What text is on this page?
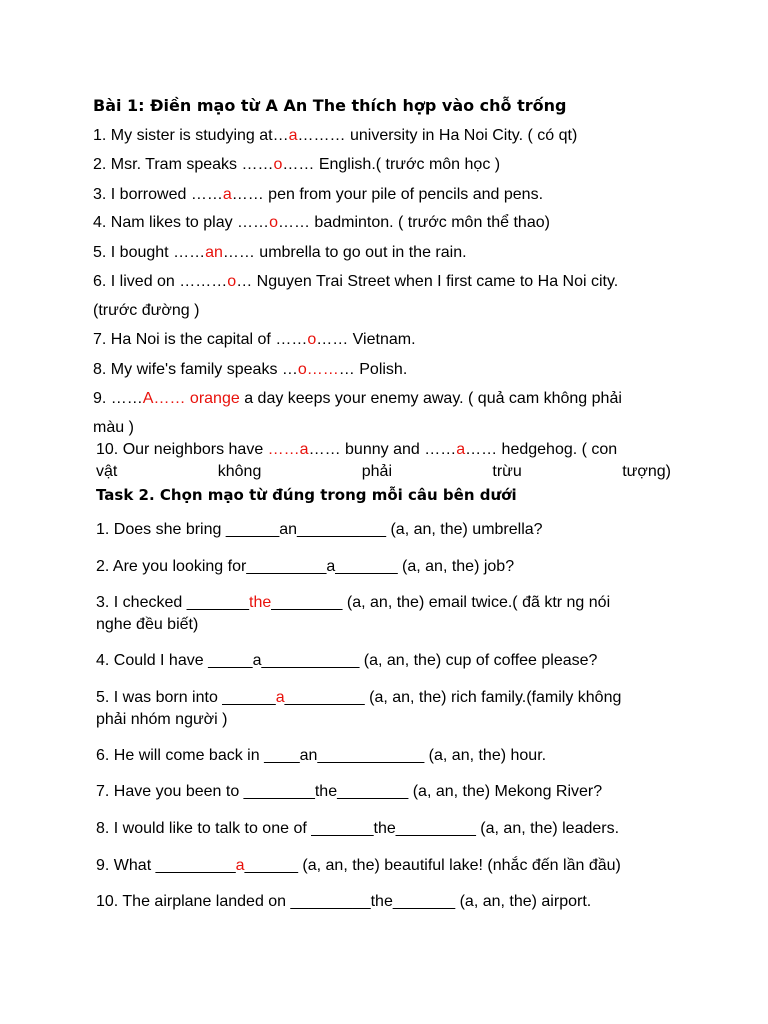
Bài 1: Điền mạo từ A An The thích hợp vào chỗ trống
1. My sister is studying at…a……… university in Ha Noi City. ( có qt)
2. Msr. Tram speaks ……o…… English.( trước môn học )
3. I borrowed ……a…… pen from your pile of pencils and pens.
4. Nam likes to play ……o…… badminton. ( trước môn thể thao)
5. I bought ……an…… umbrella to go out in the rain.
6. I lived on ………o… Nguyen Trai Street when I first came to Ha Noi city.
(trước đường )
7. Ha Noi is the capital of ……o…… Vietnam.
8. My wife's family speaks …o……… Polish.
9. ……A…… orange a day keeps your enemy away. ( quả cam không phải
màu )
10. Our neighbors have ……a…… bunny and ……a…… hedgehog. ( con
vật	không	phải	trừu	tượng)
Task 2. Chọn mạo từ đúng trong mỗi câu bên dưới
1. Does she bring ______an__________ (a, an, the) umbrella?
2. Are you looking for_________a_______ (a, an, the) job?
3. I checked _______the________ (a, an, the) email twice.( đã ktr ng nói
nghe đều biết)
4. Could I have _____a___________ (a, an, the) cup of coffee please?
5. I was born into ______a_________ (a, an, the) rich family.(family không
phải nhóm người )
6. He will come back in ____an____________ (a, an, the) hour.
7. Have you been to ________the________ (a, an, the) Mekong River?
8. I would like to talk to one of _______the_________ (a, an, the) leaders.
9. What _________a______ (a, an, the) beautiful lake! (nhắc đến lần đầu)
10. The airplane landed on _________the_______ (a, an, the) airport.
